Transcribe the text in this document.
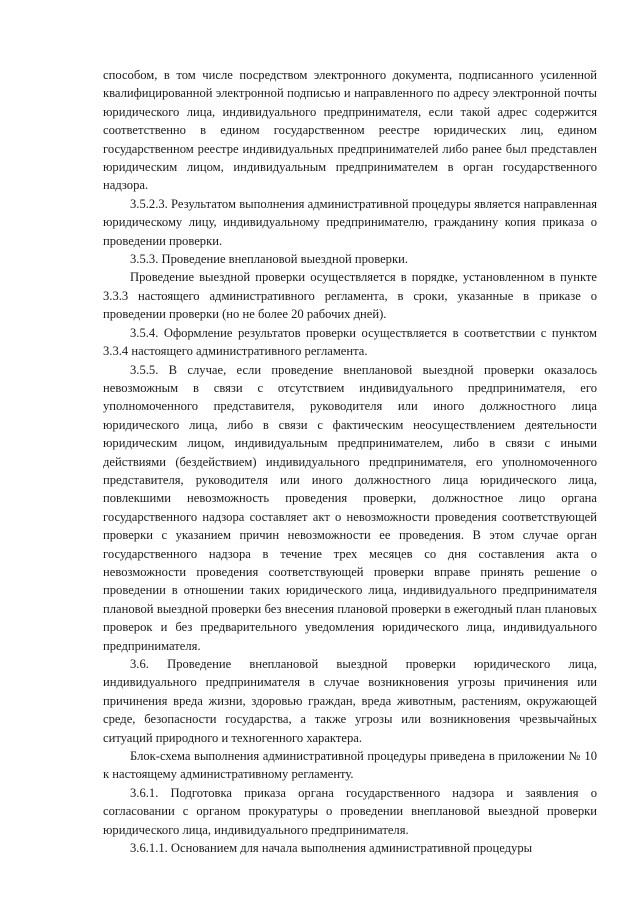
способом, в том числе посредством электронного документа, подписанного усиленной квалифицированной электронной подписью и направленного по адресу электронной почты юридического лица, индивидуального предпринимателя, если такой адрес содержится соответственно в едином государственном реестре юридических лиц, едином государственном реестре индивидуальных предпринимателей либо ранее был представлен юридическим лицом, индивидуальным предпринимателем в орган государственного надзора.

3.5.2.3. Результатом выполнения административной процедуры является направленная юридическому лицу, индивидуальному предпринимателю, гражданину копия приказа о проведении проверки.

3.5.3. Проведение внеплановой выездной проверки.

Проведение выездной проверки осуществляется в порядке, установленном в пункте 3.3.3 настоящего административного регламента, в сроки, указанные в приказе о проведении проверки (но не более 20 рабочих дней).

3.5.4. Оформление результатов проверки осуществляется в соответствии с пунктом 3.3.4 настоящего административного регламента.

3.5.5. В случае, если проведение внеплановой выездной проверки оказалось невозможным в связи с отсутствием индивидуального предпринимателя, его уполномоченного представителя, руководителя или иного должностного лица юридического лица, либо в связи с фактическим неосуществлением деятельности юридическим лицом, индивидуальным предпринимателем, либо в связи с иными действиями (бездействием) индивидуального предпринимателя, его уполномоченного представителя, руководителя или иного должностного лица юридического лица, повлекшими невозможность проведения проверки, должностное лицо органа государственного надзора составляет акт о невозможности проведения соответствующей проверки с указанием причин невозможности ее проведения. В этом случае орган государственного надзора в течение трех месяцев со дня составления акта о невозможности проведения соответствующей проверки вправе принять решение о проведении в отношении таких юридического лица, индивидуального предпринимателя плановой выездной проверки без внесения плановой проверки в ежегодный план плановых проверок и без предварительного уведомления юридического лица, индивидуального предпринимателя.

3.6. Проведение внеплановой выездной проверки юридического лица, индивидуального предпринимателя в случае возникновения угрозы причинения или причинения вреда жизни, здоровью граждан, вреда животным, растениям, окружающей среде, безопасности государства, а также угрозы или возникновения чрезвычайных ситуаций природного и техногенного характера.

Блок-схема выполнения административной процедуры приведена в приложении № 10 к настоящему административному регламенту.

3.6.1. Подготовка приказа органа государственного надзора и заявления о согласовании с органом прокуратуры о проведении внеплановой выездной проверки юридического лица, индивидуального предпринимателя.

3.6.1.1. Основанием для начала выполнения административной процедуры
